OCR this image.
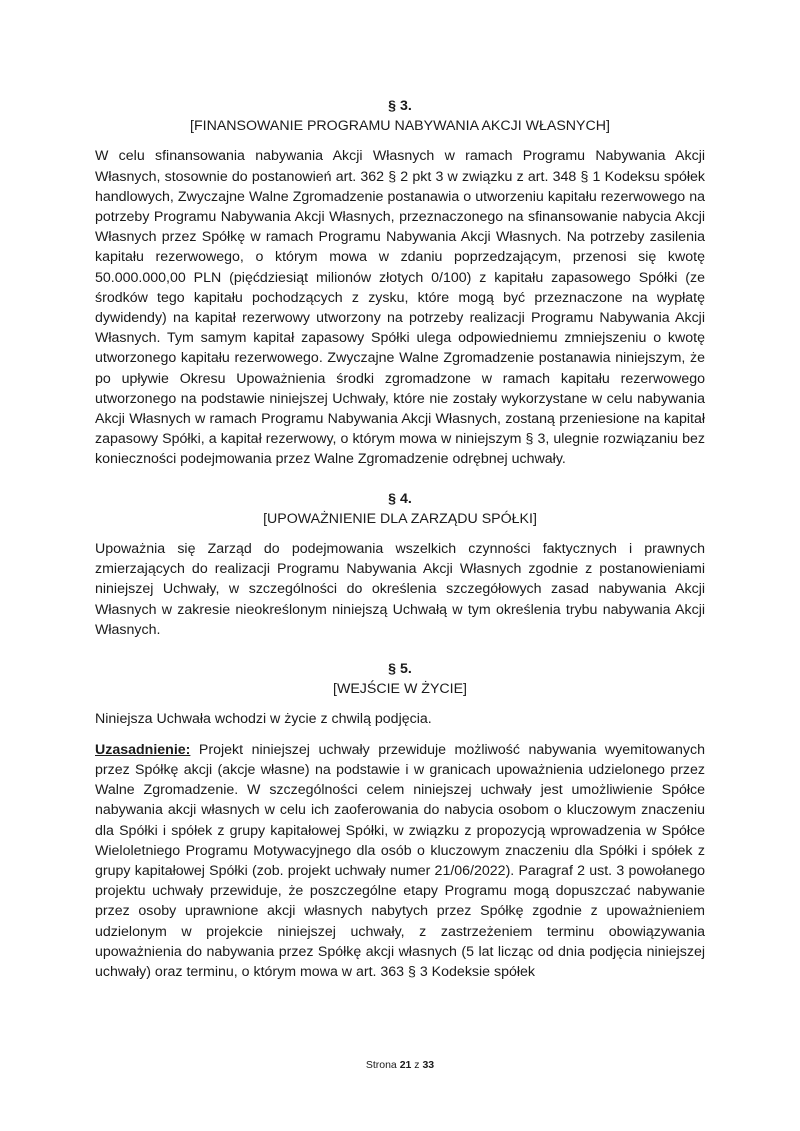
§ 3.
[FINANSOWANIE PROGRAMU NABYWANIA AKCJI WŁASNYCH]

W celu sfinansowania nabywania Akcji Własnych w ramach Programu Nabywania Akcji Własnych, stosownie do postanowień art. 362 § 2 pkt 3 w związku z art. 348 § 1 Kodeksu spółek handlowych, Zwyczajne Walne Zgromadzenie postanawia o utworzeniu kapitału rezerwowego na potrzeby Programu Nabywania Akcji Własnych, przeznaczonego na sfinansowanie nabycia Akcji Własnych przez Spółkę w ramach Programu Nabywania Akcji Własnych. Na potrzeby zasilenia kapitału rezerwowego, o którym mowa w zdaniu poprzedzającym, przenosi się kwotę 50.000.000,00 PLN (pięćdziesiąt milionów złotych 0/100) z kapitału zapasowego Spółki (ze środków tego kapitału pochodzących z zysku, które mogą być przeznaczone na wypłatę dywidendy) na kapitał rezerwowy utworzony na potrzeby realizacji Programu Nabywania Akcji Własnych. Tym samym kapitał zapasowy Spółki ulega odpowiedniemu zmniejszeniu o kwotę utworzonego kapitału rezerwowego. Zwyczajne Walne Zgromadzenie postanawia niniejszym, że po upływie Okresu Upoważnienia środki zgromadzone w ramach kapitału rezerwowego utworzonego na podstawie niniejszej Uchwały, które nie zostały wykorzystane w celu nabywania Akcji Własnych w ramach Programu Nabywania Akcji Własnych, zostaną przeniesione na kapitał zapasowy Spółki, a kapitał rezerwowy, o którym mowa w niniejszym § 3, ulegnie rozwiązaniu bez konieczności podejmowania przez Walne Zgromadzenie odrębnej uchwały.

§ 4.
[UPOWAŻNIENIE DLA ZARZĄDU SPÓŁKI]

Upoważnia się Zarząd do podejmowania wszelkich czynności faktycznych i prawnych zmierzających do realizacji Programu Nabywania Akcji Własnych zgodnie z postanowieniami niniejszej Uchwały, w szczególności do określenia szczegółowych zasad nabywania Akcji Własnych w zakresie nieokreślonym niniejszą Uchwałą w tym określenia trybu nabywania Akcji Własnych.

§ 5.
[WEJŚCIE W ŻYCIE]

Niniejsza Uchwała wchodzi w życie z chwilą podjęcia.

Uzasadnienie: Projekt niniejszej uchwały przewiduje możliwość nabywania wyemitowanych przez Spółkę akcji (akcje własne) na podstawie i w granicach upoważnienia udzielonego przez Walne Zgromadzenie. W szczególności celem niniejszej uchwały jest umożliwienie Spółce nabywania akcji własnych w celu ich zaoferowania do nabycia osobom o kluczowym znaczeniu dla Spółki i spółek z grupy kapitałowej Spółki, w związku z propozycją wprowadzenia w Spółce Wieloletniego Programu Motywacyjnego dla osób o kluczowym znaczeniu dla Spółki i spółek z grupy kapitałowej Spółki (zob. projekt uchwały numer 21/06/2022). Paragraf 2 ust. 3 powołanego projektu uchwały przewiduje, że poszczególne etapy Programu mogą dopuszczać nabywanie przez osoby uprawnione akcji własnych nabytych przez Spółkę zgodnie z upoważnieniem udzielonym w projekcie niniejszej uchwały, z zastrzeżeniem terminu obowiązywania upoważnienia do nabywania przez Spółkę akcji własnych (5 lat licząc od dnia podjęcia niniejszej uchwały) oraz terminu, o którym mowa w art. 363 § 3 Kodeksie spółek

Strona 21 z 33
